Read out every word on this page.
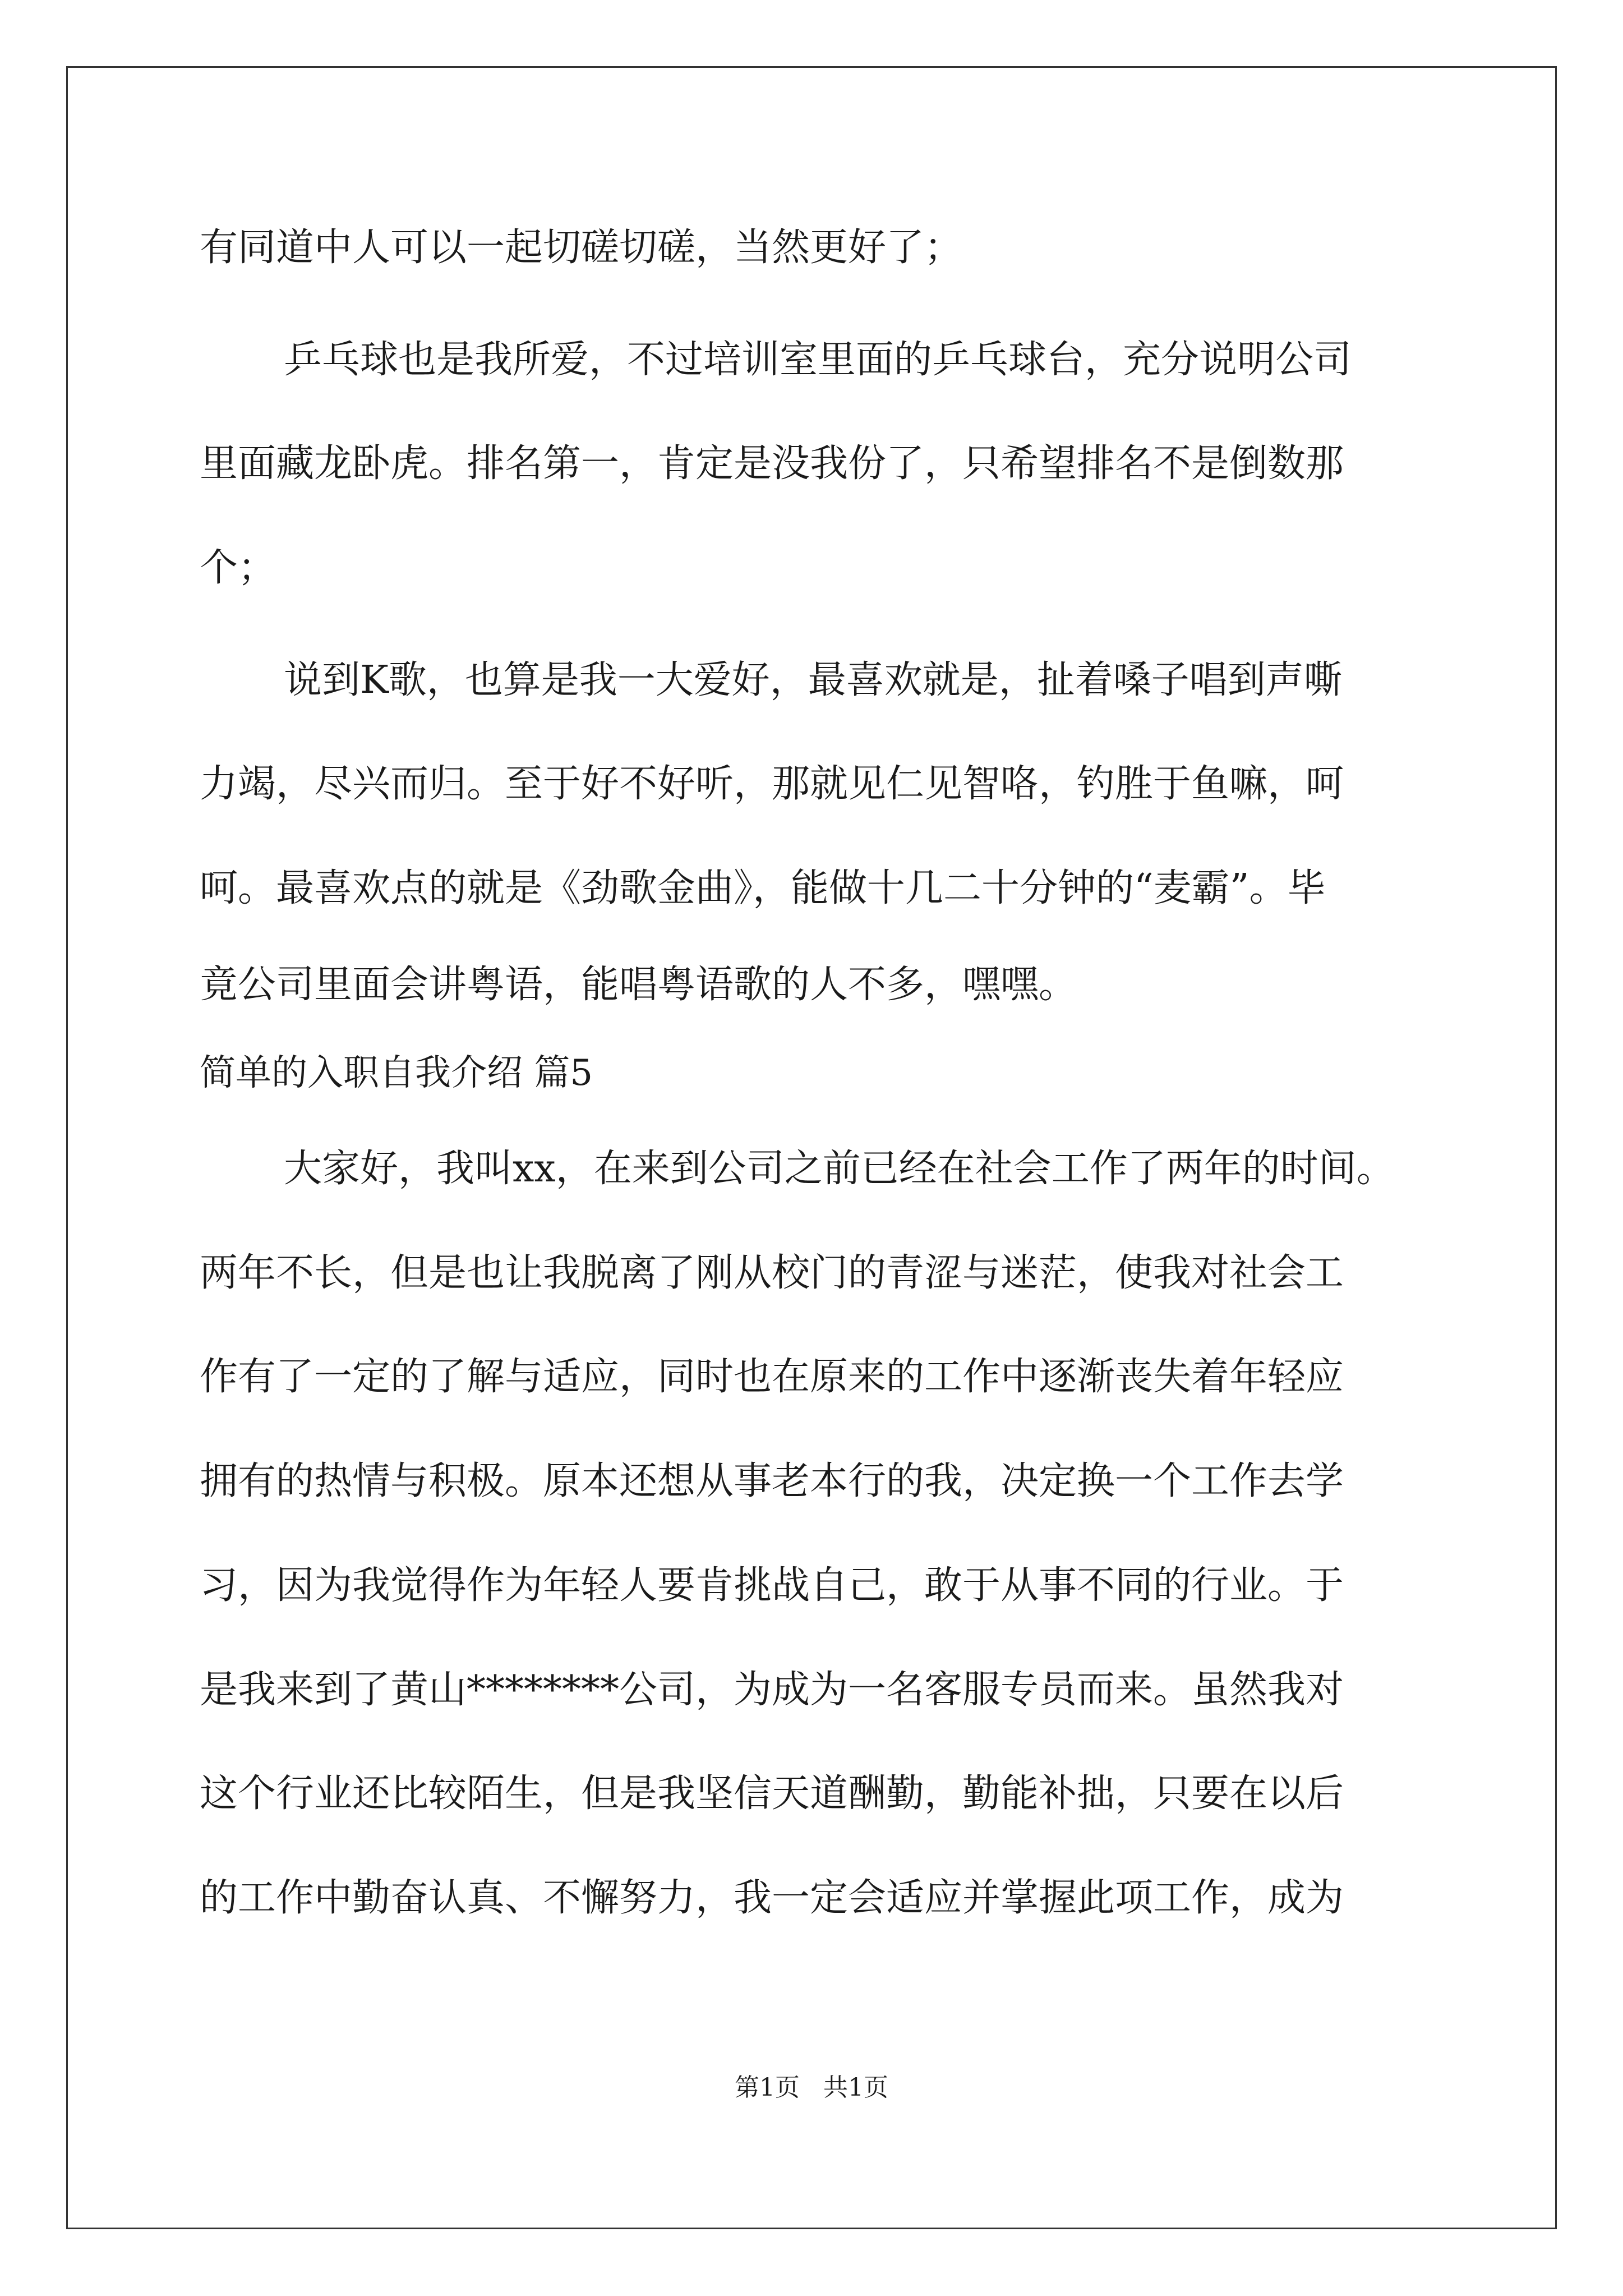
有同道中人可以一起切磋切磋，当然更好了；
乒乓球也是我所爱，不过培训室里面的乒乓球台，充分说明公司
里面藏龙卧虎。排名第一，肯定是没我份了，只希望排名不是倒数那
个；
说到K歌，也算是我一大爱好，最喜欢就是，扯着嗓子唱到声嘶
力竭，尽兴而归。至于好不好听，那就见仁见智咯，钓胜于鱼嘛，呵
呵。最喜欢点的就是《劲歌金曲》，能做十几二十分钟的“麦霸”。毕
竟公司里面会讲粤语，能唱粤语歌的人不多，嘿嘿。
简单的入职自我介绍 篇5
大家好，我叫xx，在来到公司之前已经在社会工作了两年的时间。
两年不长，但是也让我脱离了刚从校门的青涩与迷茫，使我对社会工
作有了一定的了解与适应，同时也在原来的工作中逐渐丧失着年轻应
拥有的热情与积极。原本还想从事老本行的我，决定换一个工作去学
习，因为我觉得作为年轻人要肯挑战自己，敢于从事不同的行业。于
是我来到了黄山********公司，为成为一名客服专员而来。虽然我对
这个行业还比较陌生，但是我坚信天道酬勤，勤能补拙，只要在以后
的工作中勤奋认真、不懈努力，我一定会适应并掌握此项工作，成为
第1页   共1页
